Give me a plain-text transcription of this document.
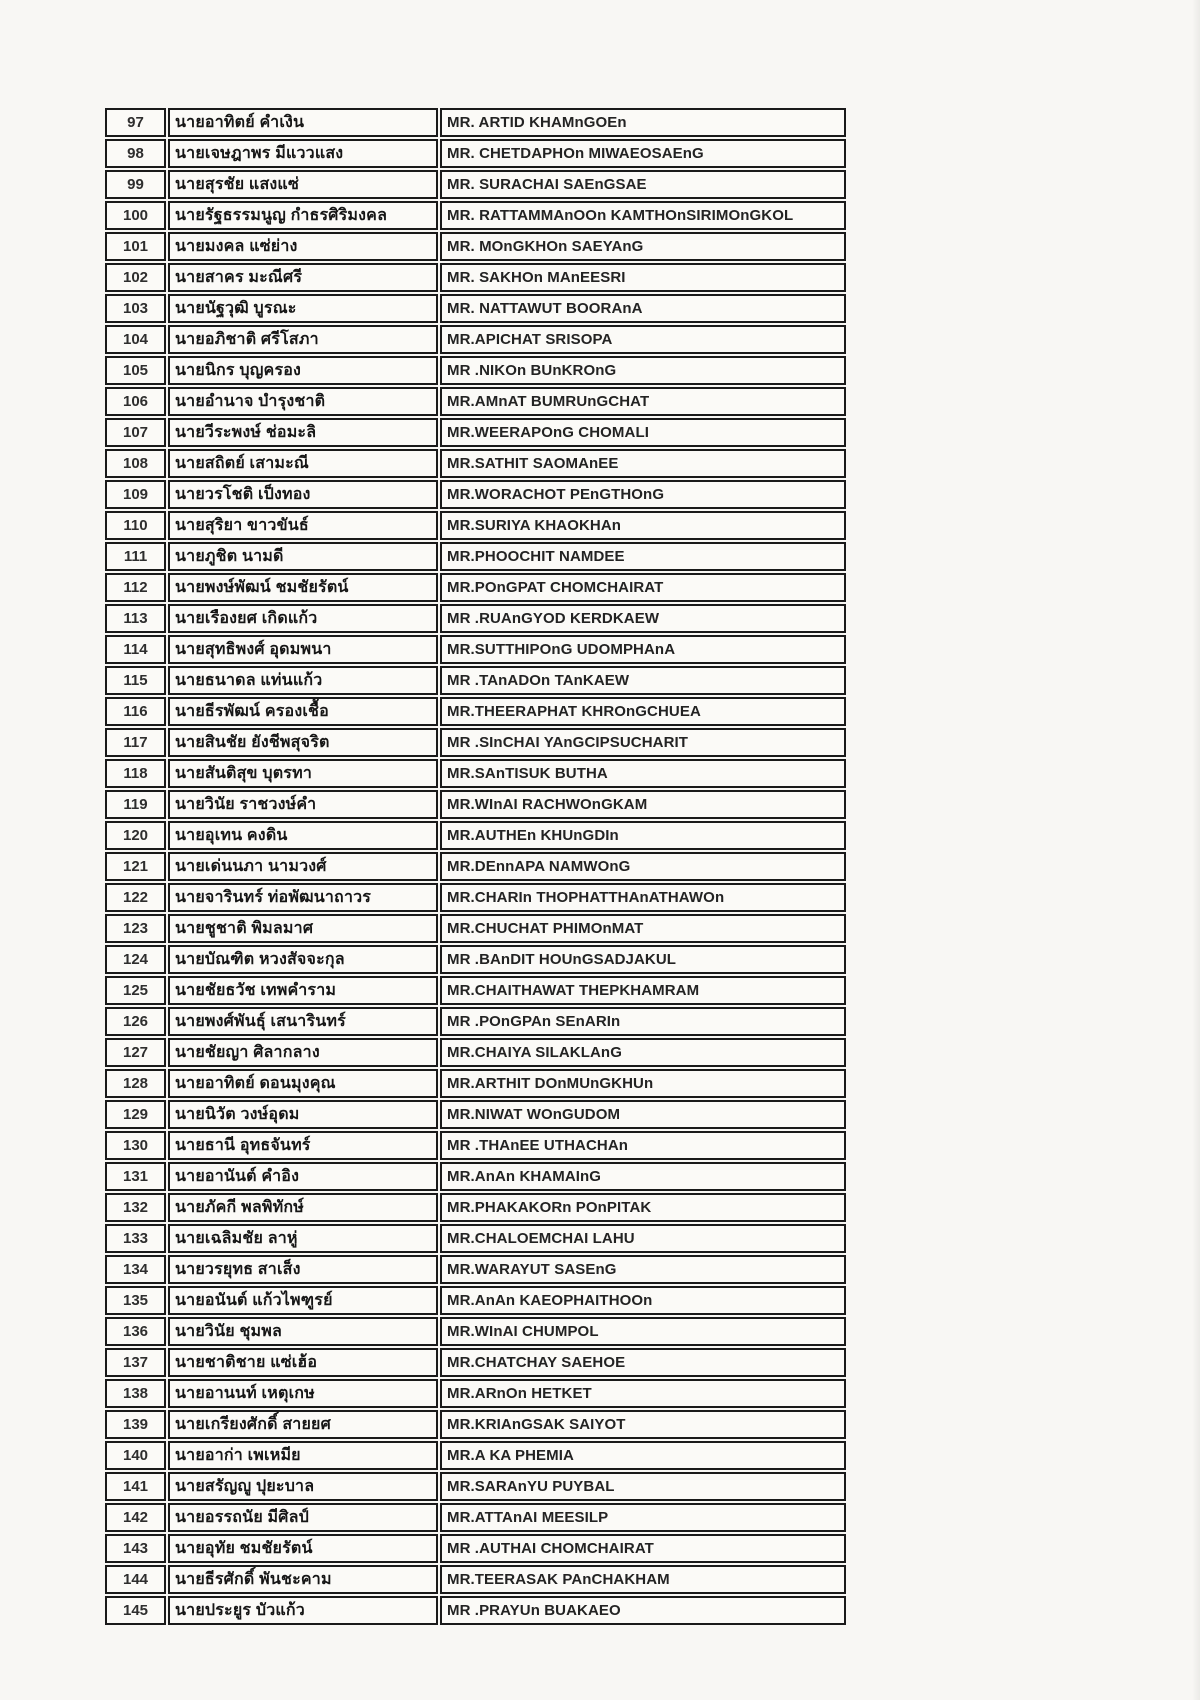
97	นายอาทิตย์ คำเงิน	MR. ARTID KHAMnGOEn
98	นายเจษฎาพร มีแววแสง	MR. CHETDAPHOn MIWAEOSAEnG
99	นายสุรชัย แสงแซ่	MR. SURACHAI SAEnGSAE
100	นายรัฐธรรมนูญ กำธรศิริมงคล	MR. RATTAMMAnOOn KAMTHOnSIRIMOnGKOL
101	นายมงคล แซ่ย่าง	MR. MOnGKHOn SAEYAnG
102	นายสาคร มะณีศรี	MR. SAKHOn MAnEESRI
103	นายนัฐวุฒิ บูรณะ	MR. NATTAWUT BOORAnA
104	นายอภิชาติ ศรีโสภา	MR.APICHAT SRISOPA
105	นายนิกร บุญครอง	MR .NIKOn BUnKROnG
106	นายอำนาจ บำรุงชาติ	MR.AMnAT BUMRUnGCHAT
107	นายวีระพงษ์ ช่อมะลิ	MR.WEERAPOnG CHOMALI
108	นายสถิตย์ เสามะณี	MR.SATHIT SAOMAnEE
109	นายวรโชติ เป็งทอง	MR.WORACHOT PEnGTHOnG
110	นายสุริยา ขาวขันธ์	MR.SURIYA KHAOKHAn
111	นายภูชิต นามดี	MR.PHOOCHIT NAMDEE
112	นายพงษ์พัฒน์ ชมชัยรัตน์	MR.POnGPAT CHOMCHAIRAT
113	นายเรืองยศ เกิดแก้ว	MR .RUAnGYOD KERDKAEW
114	นายสุทธิพงศ์ อุดมพนา	MR.SUTTHIPOnG UDOMPHAnA
115	นายธนาดล แท่นแก้ว	MR .TAnADOn TAnKAEW
116	นายธีรพัฒน์ ครองเชื้อ	MR.THEERAPHAT KHROnGCHUEA
117	นายสินชัย ยังชีพสุจริต	MR .SInCHAI YAnGCIPSUCHARIT
118	นายสันติสุข บุตรทา	MR.SAnTISUK BUTHA
119	นายวินัย ราชวงษ์คำ	MR.WInAI RACHWOnGKAM
120	นายอุเทน คงดิน	MR.AUTHEn KHUnGDIn
121	นายเด่นนภา นามวงศ์	MR.DEnnAPA NAMWOnG
122	นายจารินทร์ ท่อพัฒนาถาวร	MR.CHARIn THOPHATTHAnATHAWOn
123	นายชูชาติ พิมลมาศ	MR.CHUCHAT PHIMOnMAT
124	นายบัณฑิต หวงสัจจะกุล	MR .BAnDIT HOUnGSADJAKUL
125	นายชัยธวัช เทพคำราม	MR.CHAITHAWAT THEPKHAMRAM
126	นายพงศ์พันธุ์ เสนารินทร์	MR .POnGPAn SEnARIn
127	นายชัยญา ศิลากลาง	MR.CHAIYA SILAKLAnG
128	นายอาทิตย์ ดอนมุงคุณ	MR.ARTHIT DOnMUnGKHUn
129	นายนิวัต วงษ์อุดม	MR.NIWAT WOnGUDOM
130	นายธานี อุทธจันทร์	MR .THAnEE UTHACHAn
131	นายอานันต์ คำอิง	MR.AnAn KHAMAInG
132	นายภัคกี พลพิทักษ์	MR.PHAKAKORn POnPITAK
133	นายเฉลิมชัย ลาหู่	MR.CHALOEMCHAI LAHU
134	นายวรยุทธ สาเส็ง	MR.WARAYUT SASEnG
135	นายอนันต์ แก้วไพฑูรย์	MR.AnAn KAEOPHAITHOOn
136	นายวินัย ชุมพล	MR.WInAI CHUMPOL
137	นายชาติชาย แซ่เฮ้อ	MR.CHATCHAY SAEHOE
138	นายอานนท์ เหตุเกษ	MR.ARnOn HETKET
139	นายเกรียงศักดิ์ สายยศ	MR.KRIAnGSAK SAIYOT
140	นายอาก่า เพเหมีย	MR.A KA PHEMIA
141	นายสรัญญู ปุยะบาล	MR.SARAnYU PUYBAL
142	นายอรรถนัย มีศิลป์	MR.ATTAnAI MEESILP
143	นายอุทัย ชมชัยรัตน์	MR .AUTHAI CHOMCHAIRAT
144	นายธีรศักดิ์ พันชะคาม	MR.TEERASAK PAnCHAKHAM
145	นายประยูร บัวแก้ว	MR .PRAYUn BUAKAEO
